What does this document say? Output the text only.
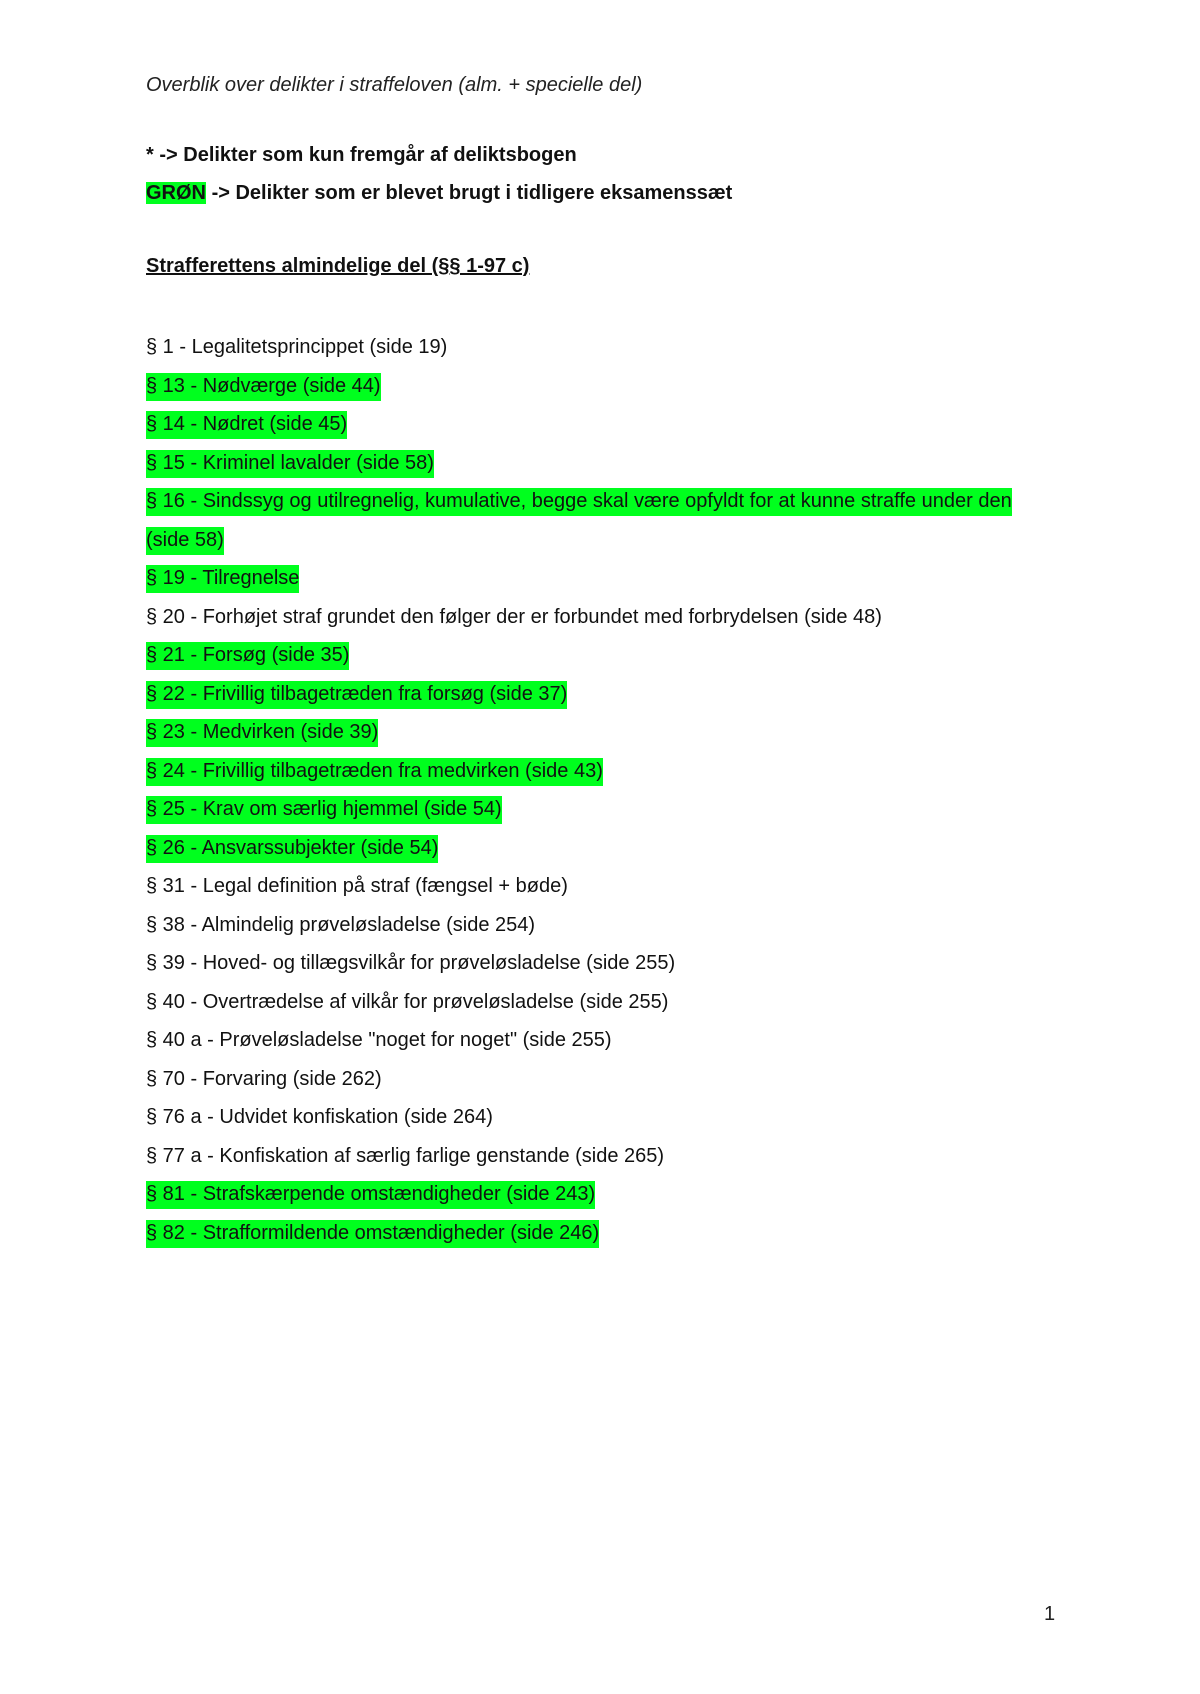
Overblik over delikter i straffeloven (alm. + specielle del)

* -> Delikter som kun fremgår af deliktsbogen

GRØN -> Delikter som er blevet brugt i tidligere eksamenssæt

Strafferettens almindelige del (§§ 1-97 c)
§ 1 - Legalitetsprincippet (side 19)
§ 13 - Nødværge (side 44)
§ 14 - Nødret (side 45)
§ 15 - Kriminel lavalder (side 58)
§ 16 - Sindssyg og utilregnelig, kumulative, begge skal være opfyldt for at kunne straffe under den (side 58)
§ 19 - Tilregnelse
§ 20 - Forhøjet straf grundet den følger der er forbundet med forbrydelsen (side 48)
§ 21 - Forsøg (side 35)
§ 22 - Frivillig tilbagetræden fra forsøg (side 37)
§ 23 - Medvirken (side 39)
§ 24 - Frivillig tilbagetræden fra medvirken (side 43)
§ 25 - Krav om særlig hjemmel (side 54)
§ 26 - Ansvarssubjekter (side 54)
§ 31 - Legal definition på straf (fængsel + bøde)
§ 38 - Almindelig prøveløsladelse (side 254)
§ 39 - Hoved- og tillægsvilkår for prøveløsladelse (side 255)
§ 40 - Overtrædelse af vilkår for prøveløsladelse (side 255)
§ 40 a - Prøveløsladelse "noget for noget" (side 255)
§ 70 - Forvaring (side 262)
§ 76 a - Udvidet konfiskation (side 264)
§ 77 a - Konfiskation af særlig farlige genstande (side 265)
§ 81 - Strafskærpende omstændigheder (side 243)
§ 82 - Strafformildende omstændigheder (side 246)
1
